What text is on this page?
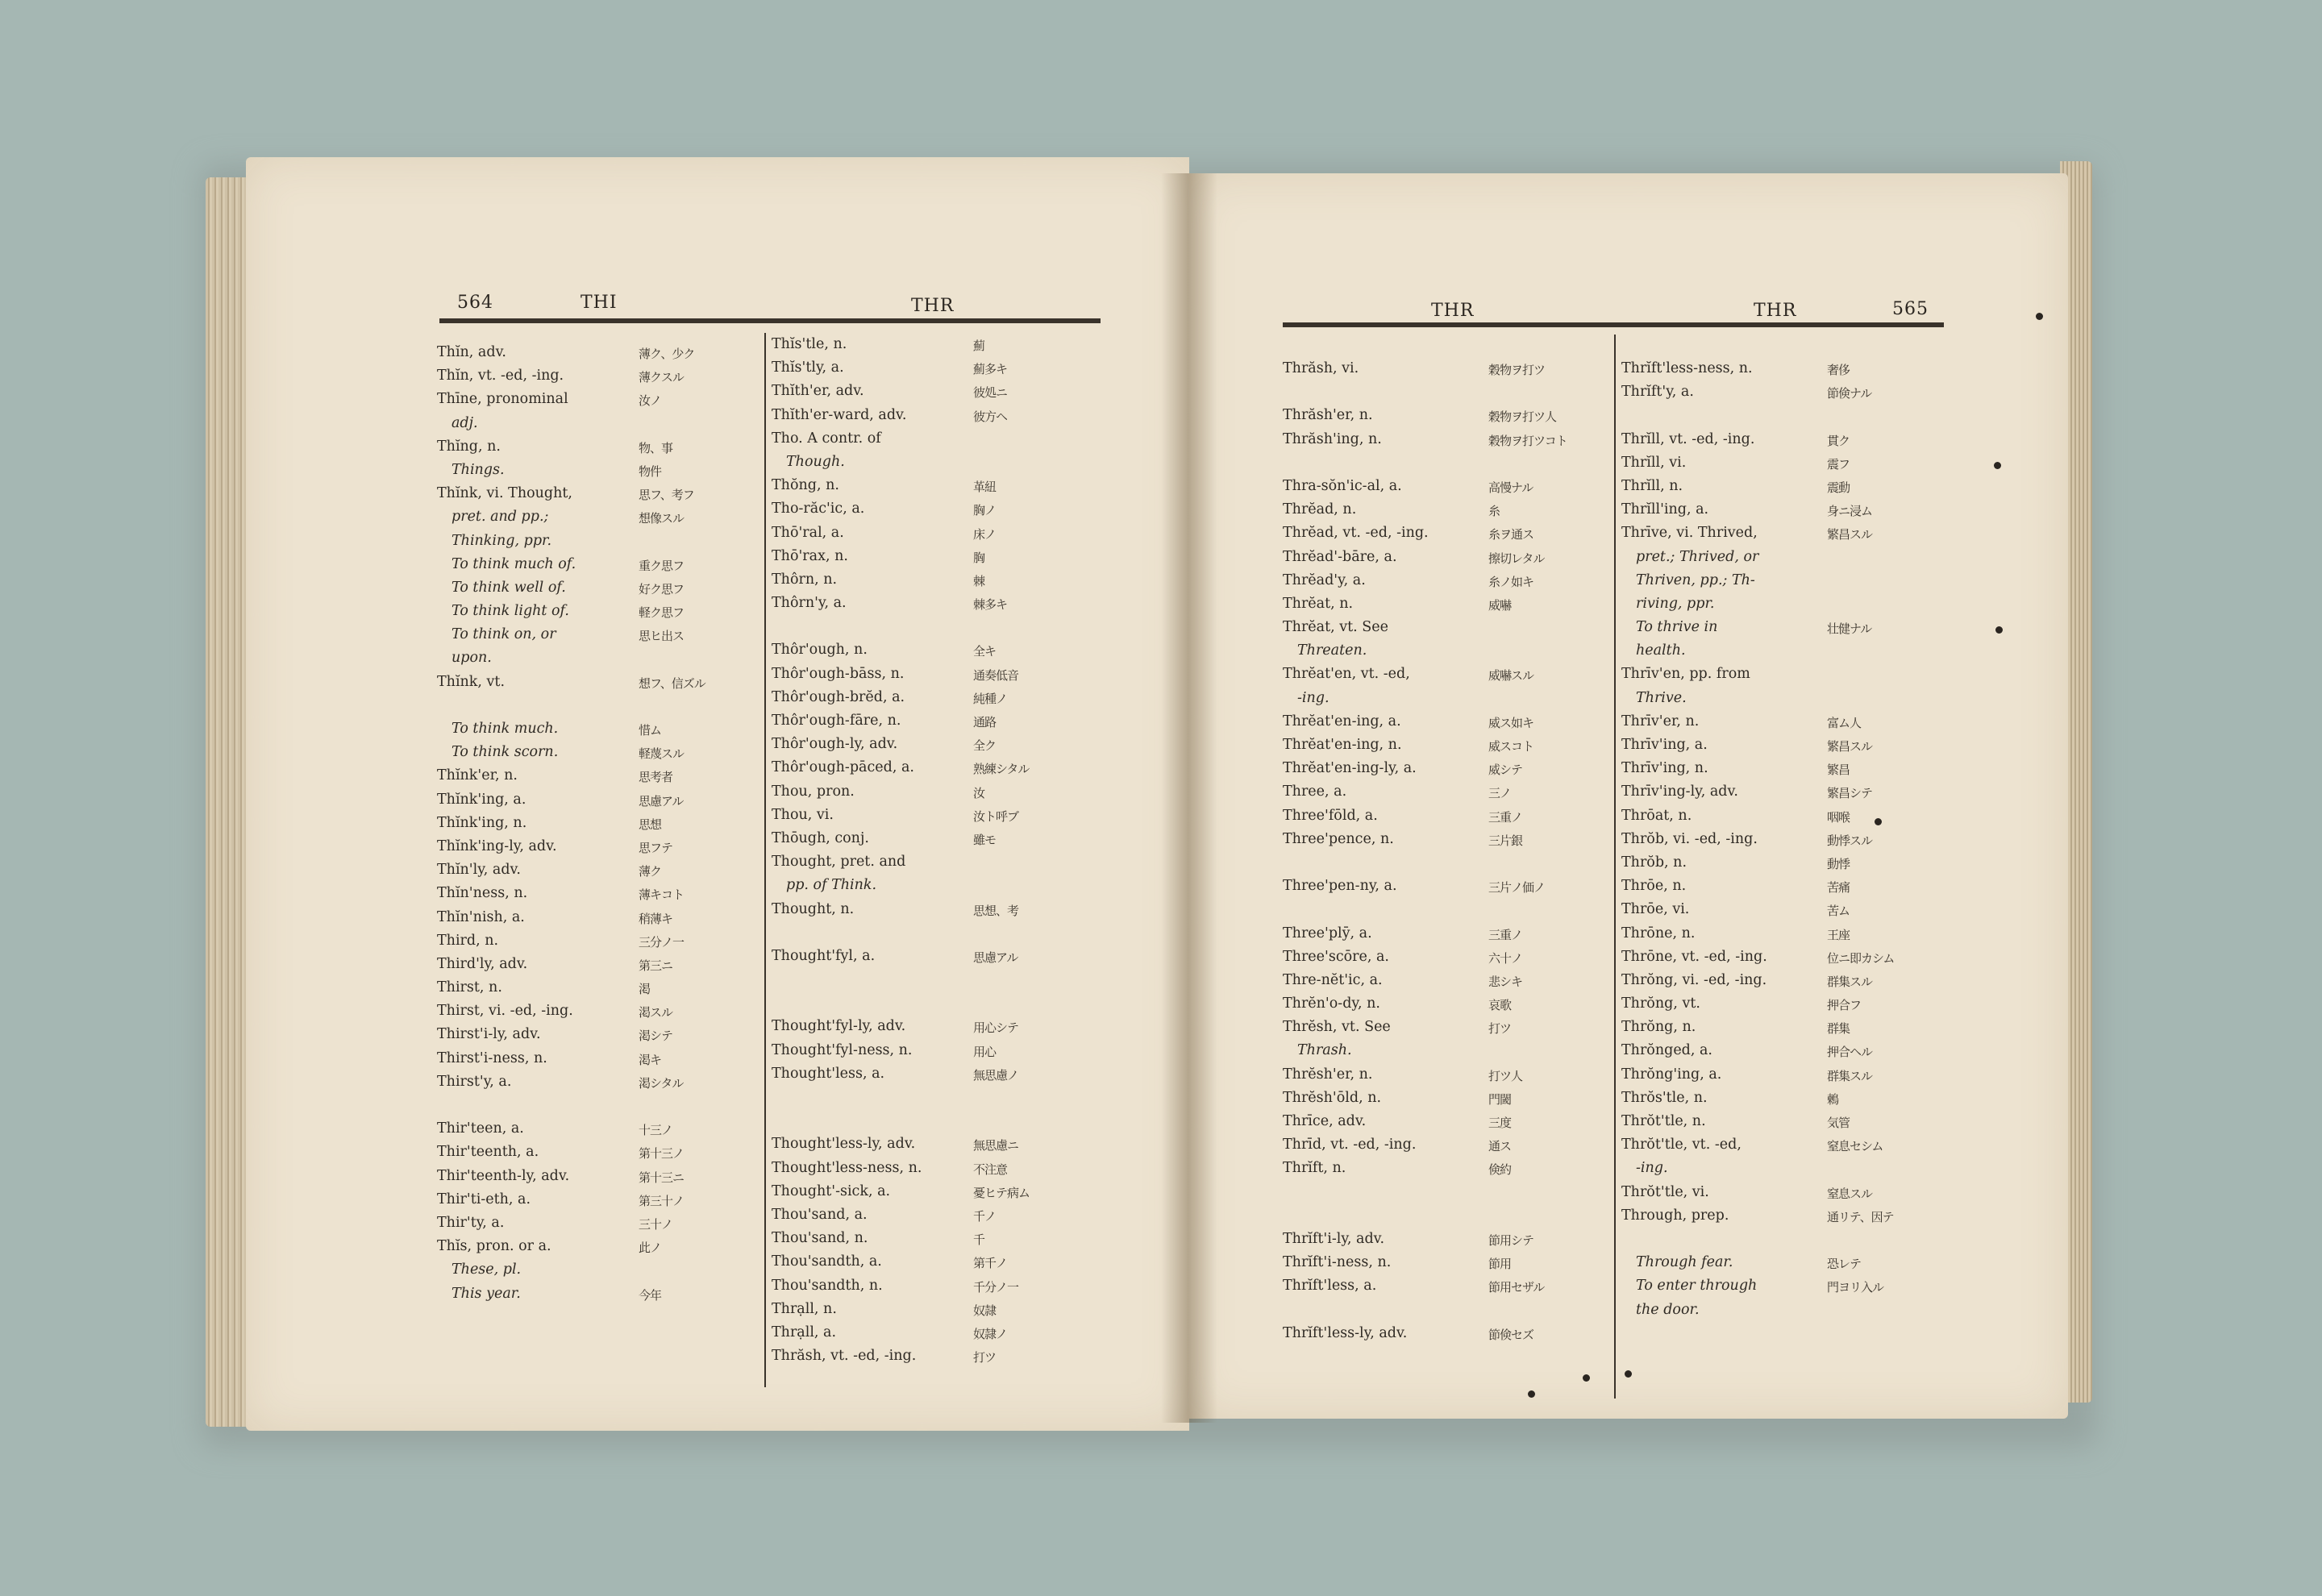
564	THI	THR
Thĭn, adv.	薄ク、少ク
Thĭn, vt. -ed, -ing.	薄クスル
Thīne, pronominal	汝ノ
adj.
Thĭng, n.	物、事
Things.	物件
Thĭnk, vi. Thought,	思フ、考フ
pret. and pp.;	想像スル
Thinking, ppr.
To think much of.	重ク思フ
To think well of.	好ク思フ
To think light of.	軽ク思フ
To think on, or	思ヒ出ス
upon.
Thĭnk, vt.	想フ、信ズル
To think much.	惜ム
To think scorn.	軽蔑スル
Thĭnk'er, n.	思考者
Thĭnk'ing, a.	思慮アル
Thĭnk'ing, n.	思想
Thĭnk'ing-ly, adv.	思フテ
Thĭn'ly, adv.	薄ク
Thĭn'ness, n.	薄キコト
Thĭn'nish, a.	稍薄キ
Third, n.	三分ノ一
Third'ly, adv.	第三ニ
Thirst, n.	渇
Thirst, vi. -ed, -ing.	渇スル
Thirst'i-ly, adv.	渇シテ
Thirst'i-ness, n.	渇キ
Thirst'y, a.	渇シタル
Thir'teen, a.	十三ノ
Thir'teenth, a.	第十三ノ
Thir'teenth-ly, adv.	第十三ニ
Thir'ti-eth, a.	第三十ノ
Thir'ty, a.	三十ノ
Thĭs, pron. or a.	此ノ
These, pl.
This year.	今年
Thĭs'tle, n.	薊
Thĭs'tly, a.	薊多キ
Thĭth'er, adv.	彼処ニ
Thĭth'er-ward, adv.	彼方ヘ
Tho. A contr. of
Though.
Thŏng, n.	革紐
Tho-răc'ic, a.	胸ノ
Thō'ral, a.	床ノ
Thō'rax, n.	胸
Thôrn, n.	棘
Thôrn'y, a.	棘多キ
Thôr'ough, n.	全キ
Thôr'ough-bāss, n.	通奏低音
Thôr'ough-brĕd, a.	純種ノ
Thôr'ough-fāre, n.	通路
Thôr'ough-ly, adv.	全ク
Thôr'ough-pāced, a.	熟練シタル
Thou, pron.	汝
Thou, vi.	汝ト呼ブ
Thōugh, conj.	雖モ
Thought, pret. and
pp. of Think.
Thought, n.	思想、考
Thought'fyl, a.	思慮アル
Thought'fyl-ly, adv.	用心シテ
Thought'fyl-ness, n.	用心
Thought'less, a.	無思慮ノ
Thought'less-ly, adv.	無思慮ニ
Thought'less-ness, n.	不注意
Thought'-sick, a.	憂ヒテ病ム
Thou'sand, a.	千ノ
Thou'sand, n.	千
Thou'sandth, a.	第千ノ
Thou'sandth, n.	千分ノ一
Thrạll, n.	奴隷
Thrạll, a.	奴隷ノ
Thrăsh, vt. -ed, -ing.	打ツ
THR	THR	565
Thrăsh, vi.	穀物ヲ打ツ
Thrăsh'er, n.	穀物ヲ打ツ人
Thrăsh'ing, n.	穀物ヲ打ツコト
Thra-sŏn'ic-al, a.	高慢ナル
Thrĕad, n.	糸
Thrĕad, vt. -ed, -ing.	糸ヲ通ス
Thrĕad'-bāre, a.	擦切レタル
Thrĕad'y, a.	糸ノ如キ
Thrĕat, n.	威嚇
Thrĕat, vt. See
Threaten.
Thrĕat'en, vt. -ed,	威嚇スル
-ing.
Thrĕat'en-ing, a.	威ス如キ
Thrĕat'en-ing, n.	威スコト
Thrĕat'en-ing-ly, a.	威シテ
Three, a.	三ノ
Three'fōld, a.	三重ノ
Three'pence, n.	三片銀
Three'pen-ny, a.	三片ノ価ノ
Three'plȳ, a.	三重ノ
Three'scōre, a.	六十ノ
Thre-nĕt'ic, a.	悲シキ
Thrĕn'o-dy, n.	哀歌
Thrĕsh, vt. See	打ツ
Thrash.
Thrĕsh'er, n.	打ツ人
Thrĕsh'ōld, n.	門閾
Thrīce, adv.	三度
Thrīd, vt. -ed, -ing.	通ス
Thrĭft, n.	倹約
Thrĭft'i-ly, adv.	節用シテ
Thrĭft'i-ness, n.	節用
Thrĭft'less, a.	節用セザル
Thrĭft'less-ly, adv.	節倹セズ
Thrĭft'less-ness, n.	奢侈
Thrĭft'y, a.	節倹ナル
Thrĭll, vt. -ed, -ing.	貫ク
Thrĭll, vi.	震フ
Thrĭll, n.	震動
Thrĭll'ing, a.	身ニ浸ム
Thrīve, vi. Thrived,	繁昌スル
pret.; Thrived, or
Thriven, pp.; Th-
riving, ppr.
To thrive in	壮健ナル
health.
Thrīv'en, pp. from
Thrive.
Thrīv'er, n.	富ム人
Thrīv'ing, a.	繁昌スル
Thrīv'ing, n.	繁昌
Thrīv'ing-ly, adv.	繁昌シテ
Thrōat, n.	咽喉
Thrŏb, vi. -ed, -ing.	動悸スル
Thrŏb, n.	動悸
Thrōe, n.	苦痛
Thrōe, vi.	苦ム
Thrōne, n.	王座
Thrōne, vt. -ed, -ing.	位ニ即カシム
Thrŏng, vi. -ed, -ing.	群集スル
Thrŏng, vt.	押合フ
Thrŏng, n.	群集
Thrŏnged, a.	押合ヘル
Thrŏng'ing, a.	群集スル
Thrŏs'tle, n.	鶫
Thrŏt'tle, n.	気管
Thrŏt'tle, vt. -ed,	窒息セシム
-ing.
Thrŏt'tle, vi.	窒息スル
Through, prep.	通リテ、因テ
Through fear.	恐レテ
To enter through	門ヨリ入ル
the door.
